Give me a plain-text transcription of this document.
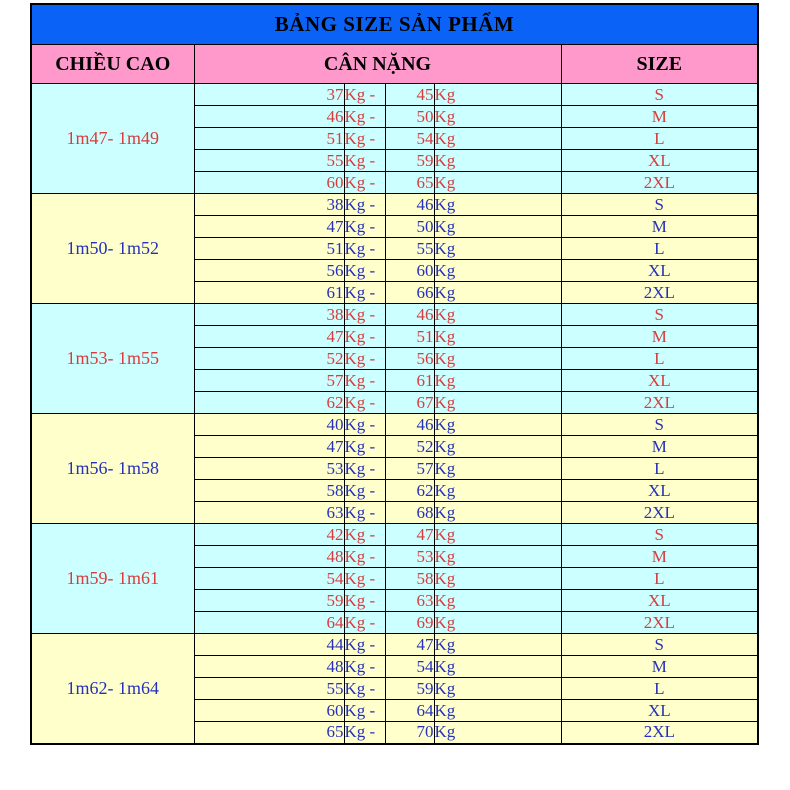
BẢNG SIZE SẢN PHẨM					
CHIỀU CAO	CÂN NẶNG				SIZE
1m47- 1m49	37	Kg -	45	Kg	S
	46	Kg -	50	Kg	M
	51	Kg -	54	Kg	L
	55	Kg -	59	Kg	XL
	60	Kg -	65	Kg	2XL
1m50- 1m52	38	Kg -	46	Kg	S
	47	Kg -	50	Kg	M
	51	Kg -	55	Kg	L
	56	Kg -	60	Kg	XL
	61	Kg -	66	Kg	2XL
1m53- 1m55	38	Kg -	46	Kg	S
	47	Kg -	51	Kg	M
	52	Kg -	56	Kg	L
	57	Kg -	61	Kg	XL
	62	Kg -	67	Kg	2XL
1m56- 1m58	40	Kg -	46	Kg	S
	47	Kg -	52	Kg	M
	53	Kg -	57	Kg	L
	58	Kg -	62	Kg	XL
	63	Kg -	68	Kg	2XL
1m59- 1m61	42	Kg -	47	Kg	S
	48	Kg -	53	Kg	M
	54	Kg -	58	Kg	L
	59	Kg -	63	Kg	XL
	64	Kg -	69	Kg	2XL
1m62- 1m64	44	Kg -	47	Kg	S
	48	Kg -	54	Kg	M
	55	Kg -	59	Kg	L
	60	Kg -	64	Kg	XL
	65	Kg -	70	Kg	2XL
